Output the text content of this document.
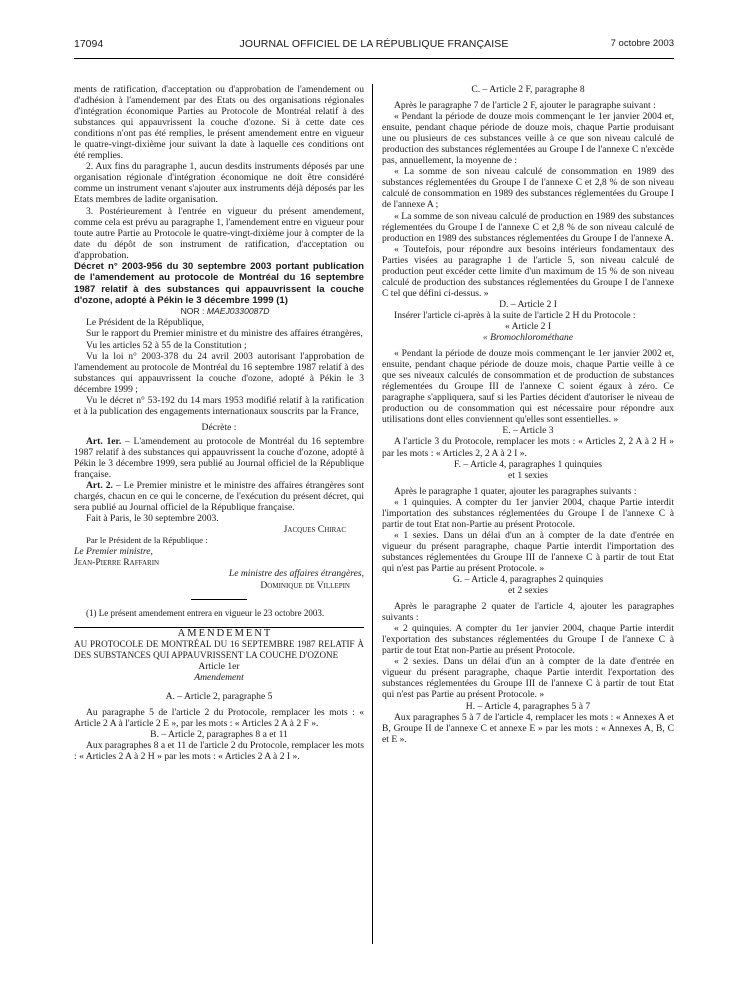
17094	JOURNAL OFFICIEL DE LA RÉPUBLIQUE FRANÇAISE	7 octobre 2003

ments de ratification, d'acceptation ou d'approbation de l'amendement ou d'adhésion à l'amendement par des Etats ou des organisations régionales d'intégration économique Parties au Protocole de Montréal relatif à des substances qui appauvrissent la couche d'ozone. Si à cette date ces conditions n'ont pas été remplies, le présent amendement entre en vigueur le quatre-vingt-dixième jour suivant la date à laquelle ces conditions ont été remplies.

2. Aux fins du paragraphe 1, aucun desdits instruments déposés par une organisation régionale d'intégration économique ne doit être considéré comme un instrument venant s'ajouter aux instruments déjà déposés par les Etats membres de ladite organisation.

3. Postérieurement à l'entrée en vigueur du présent amendement, comme cela est prévu au paragraphe 1, l'amendement entre en vigueur pour toute autre Partie au Protocole le quatre-vingt-dixième jour à compter de la date du dépôt de son instrument de ratification, d'acceptation ou d'approbation.

Décret n° 2003-956 du 30 septembre 2003 portant publication de l'amendement au protocole de Montréal du 16 septembre 1987 relatif à des substances qui appauvrissent la couche d'ozone, adopté à Pékin le 3 décembre 1999 (1)

NOR : MAEJ0330087D

Le Président de la République,

Sur le rapport du Premier ministre et du ministre des affaires étrangères,

Vu les articles 52 à 55 de la Constitution ;

Vu la loi n° 2003-378 du 24 avril 2003 autorisant l'approbation de l'amendement au protocole de Montréal du 16 septembre 1987 relatif à des substances qui appauvrissent la couche d'ozone, adopté à Pékin le 3 décembre 1999 ;

Vu le décret n° 53-192 du 14 mars 1953 modifié relatif à la ratification et à la publication des engagements internationaux souscrits par la France,

Décrète :

Art. 1er. – L'amendement au protocole de Montréal du 16 septembre 1987 relatif à des substances qui appauvrissent la couche d'ozone, adopté à Pékin le 3 décembre 1999, sera publié au Journal officiel de la République française.

Art. 2. – Le Premier ministre et le ministre des affaires étrangères sont chargés, chacun en ce qui le concerne, de l'exécution du présent décret, qui sera publié au Journal officiel de la République française.

Fait à Paris, le 30 septembre 2003.

Jacques Chirac

Par le Président de la République :

Le Premier ministre,

Jean-Pierre Raffarin

Le ministre des affaires étrangères,

Dominique de Villepin

(1) Le présent amendement entrera en vigueur le 23 octobre 2003.

AMENDEMENT

AU PROTOCOLE DE MONTRÉAL DU 16 SEPTEMBRE 1987 RELATIF À DES SUBSTANCES QUI APPAUVRISSENT LA COUCHE D'OZONE

Article 1er

Amendement

A. – Article 2, paragraphe 5

Au paragraphe 5 de l'article 2 du Protocole, remplacer les mots : « Article 2 A à l'article 2 E », par les mots : « Articles 2 A à 2 F ».

B. – Article 2, paragraphes 8 a et 11

Aux paragraphes 8 a et 11 de l'article 2 du Protocole, remplacer les mots : « Articles 2 A à 2 H » par les mots : « Articles 2 A à 2 I ».

C. – Article 2 F, paragraphe 8

Après le paragraphe 7 de l'article 2 F, ajouter le paragraphe suivant :

« Pendant la période de douze mois commençant le 1er janvier 2004 et, ensuite, pendant chaque période de douze mois, chaque Partie produisant une ou plusieurs de ces substances veille à ce que son niveau calculé de production des substances réglementées au Groupe I de l'annexe C n'excède pas, annuellement, la moyenne de :

« La somme de son niveau calculé de consommation en 1989 des substances réglementées du Groupe I de l'annexe C et 2,8 % de son niveau calculé de consommation en 1989 des substances réglementées du Groupe I de l'annexe A ;

« La somme de son niveau calculé de production en 1989 des substances réglementées du Groupe I de l'annexe C et 2,8 % de son niveau calculé de production en 1989 des substances réglementées du Groupe I de l'annexe A.

« Toutefois, pour répondre aux besoins intérieurs fondamentaux des Parties visées au paragraphe 1 de l'article 5, son niveau calculé de production peut excéder cette limite d'un maximum de 15 % de son niveau calculé de production des substances réglementées du Groupe I de l'annexe C tel que défini ci-dessus. »

D. – Article 2 I

Insérer l'article ci-après à la suite de l'article 2 H du Protocole :

« Article 2 I

« Bromochlorométhane

« Pendant la période de douze mois commençant le 1er janvier 2002 et, ensuite, pendant chaque période de douze mois, chaque Partie veille à ce que ses niveaux calculés de consommation et de production de substances réglementées du Groupe III de l'annexe C soient égaux à zéro. Ce paragraphe s'appliquera, sauf si les Parties décident d'autoriser le niveau de production ou de consommation qui est nécessaire pour répondre aux utilisations dont elles conviennent qu'elles sont essentielles. »

E. – Article 3

A l'article 3 du Protocole, remplacer les mots : « Articles 2, 2 A à 2 H » par les mots : « Articles 2, 2 A à 2 I ».

F. – Article 4, paragraphes 1 quinquies

et 1 sexies

Après le paragraphe 1 quater, ajouter les paragraphes suivants :

« 1 quinquies. A compter du 1er janvier 2004, chaque Partie interdit l'importation des substances réglementées du Groupe I de l'annexe C à partir de tout Etat non-Partie au présent Protocole.

« 1 sexies. Dans un délai d'un an à compter de la date d'entrée en vigueur du présent paragraphe, chaque Partie interdit l'importation des substances réglementées du Groupe III de l'annexe C à partir de tout Etat qui n'est pas Partie au présent Protocole. »

G. – Article 4, paragraphes 2 quinquies

et 2 sexies

Après le paragraphe 2 quater de l'article 4, ajouter les paragraphes suivants :

« 2 quinquies. A compter du 1er janvier 2004, chaque Partie interdit l'exportation des substances réglementées du Groupe I de l'annexe C à partir de tout Etat non-Partie au présent Protocole.

« 2 sexies. Dans un délai d'un an à compter de la date d'entrée en vigueur du présent paragraphe, chaque Partie interdit l'exportation des substances réglementées du Groupe III de l'annexe C à partir de tout Etat qui n'est pas Partie au présent Protocole. »

H. – Article 4, paragraphes 5 à 7

Aux paragraphes 5 à 7 de l'article 4, remplacer les mots : « Annexes A et B, Groupe II de l'annexe C et annexe E » par les mots : « Annexes A, B, C et E ».
